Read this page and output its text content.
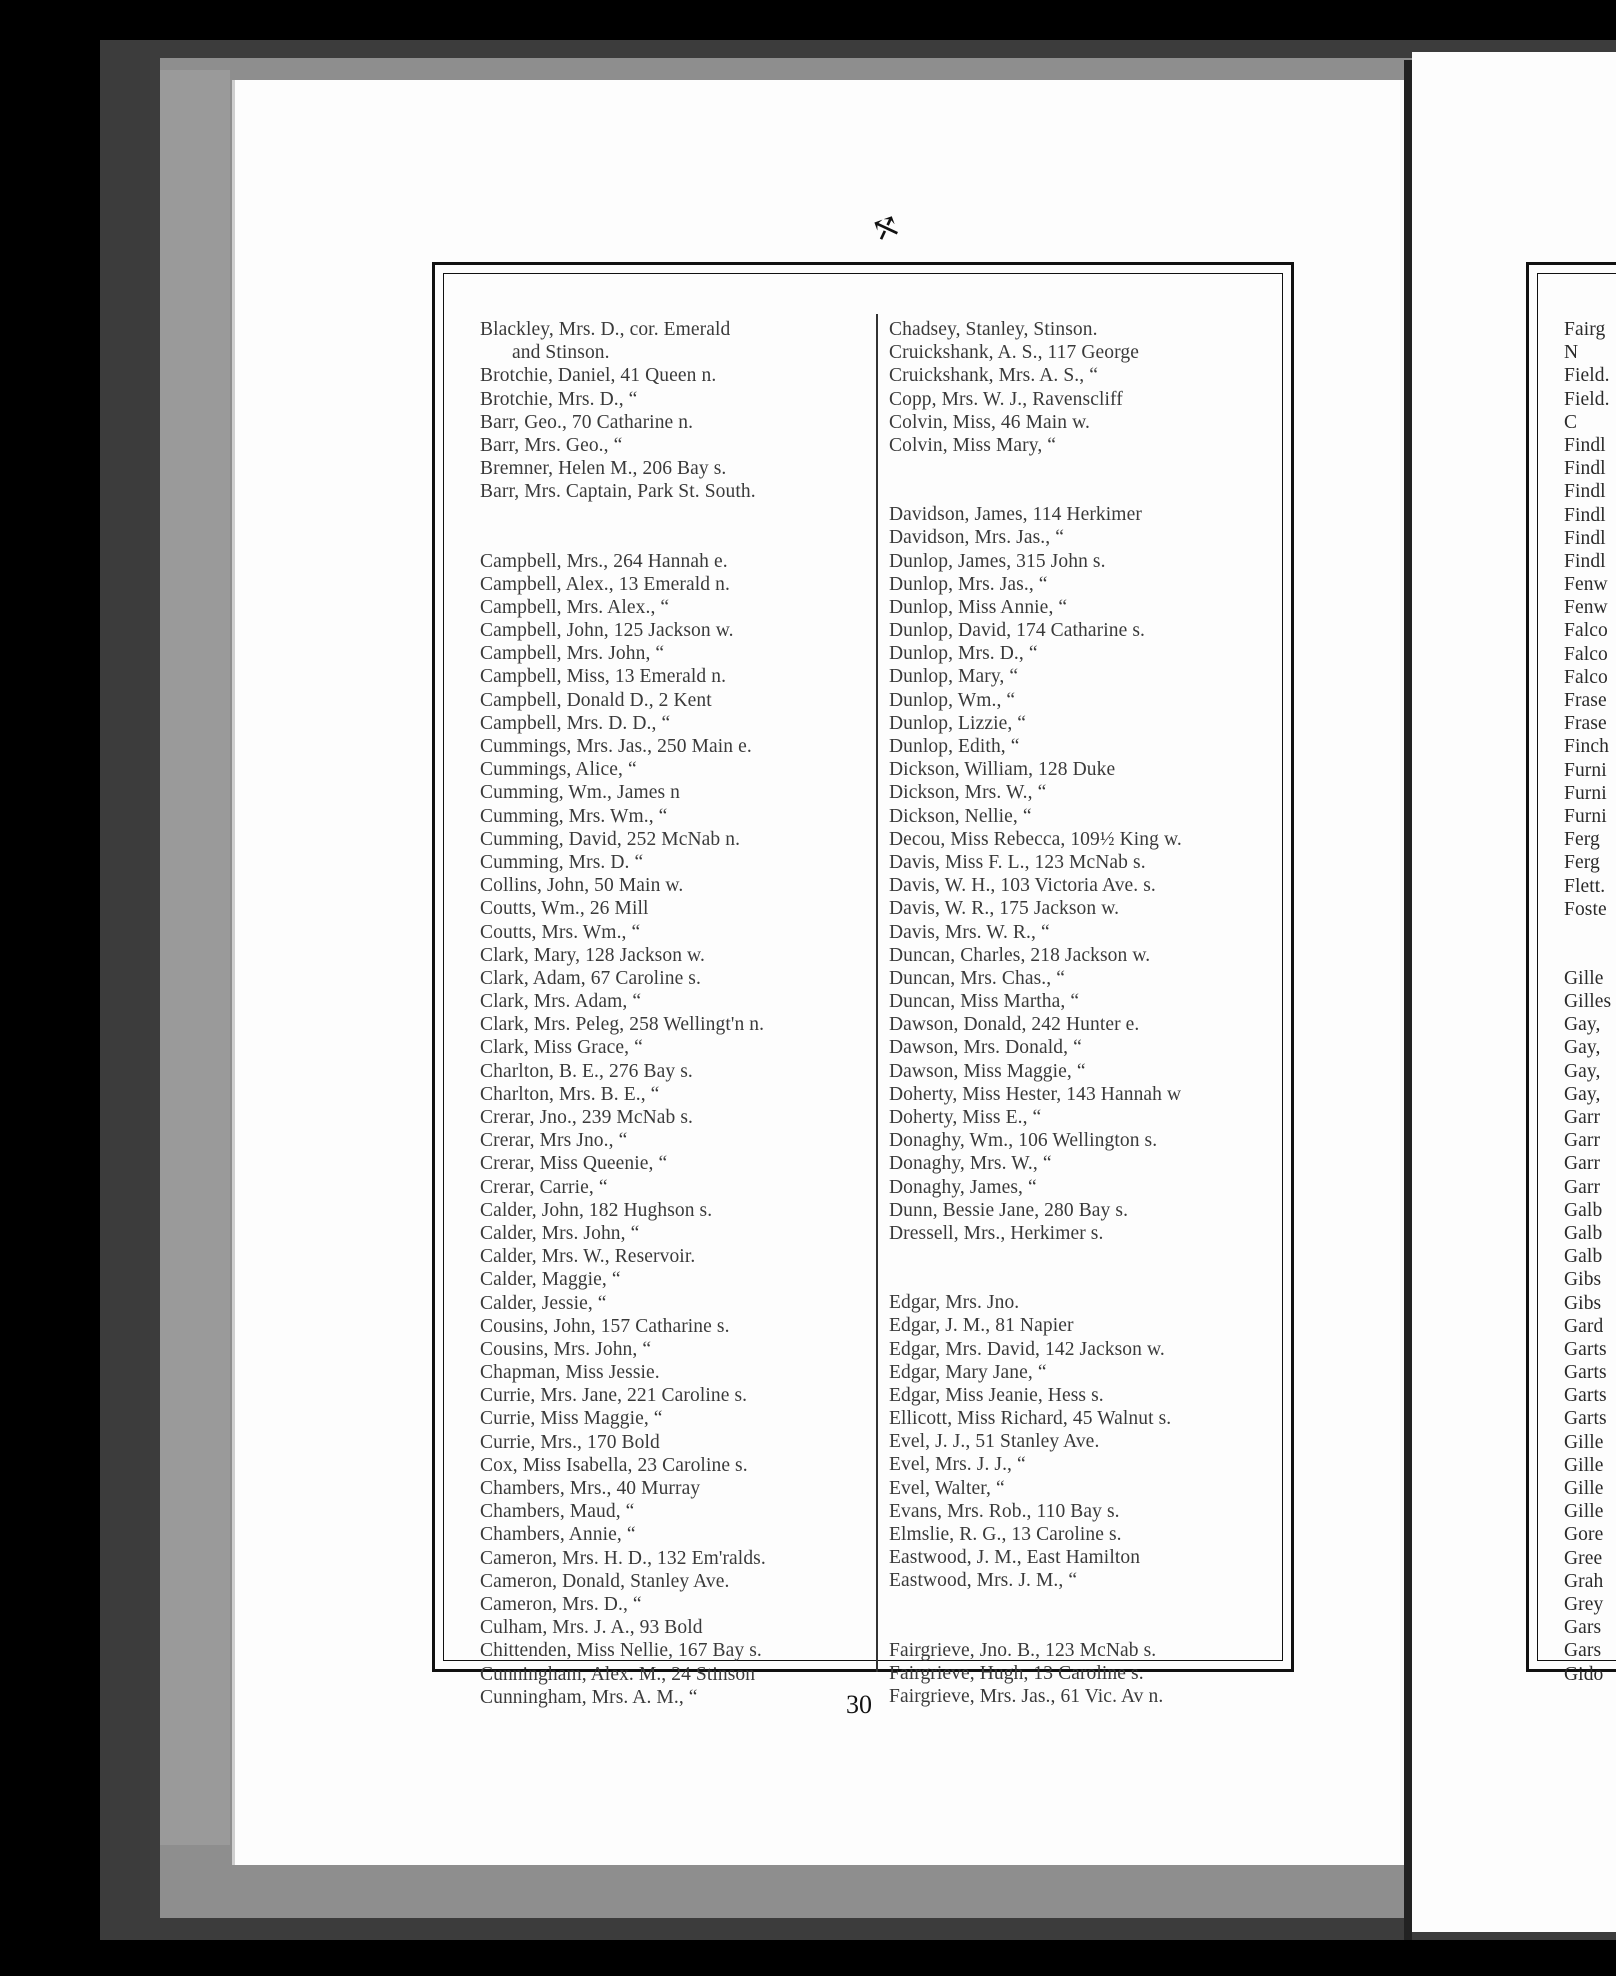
⤲
Blackley, Mrs. D., cor. Emerald
and Stinson.
Brotchie, Daniel, 41 Queen n.
Brotchie, Mrs. D., “
Barr, Geo., 70 Catharine n.
Barr, Mrs. Geo., “
Bremner, Helen M., 206 Bay s.
Barr, Mrs. Captain, Park St. South.
Campbell, Mrs., 264 Hannah e.
Campbell, Alex., 13 Emerald n.
Campbell, Mrs. Alex., “
Campbell, John, 125 Jackson w.
Campbell, Mrs. John, “
Campbell, Miss, 13 Emerald n.
Campbell, Donald D., 2 Kent
Campbell, Mrs. D. D., “
Cummings, Mrs. Jas., 250 Main e.
Cummings, Alice, “
Cumming, Wm., James n
Cumming, Mrs. Wm., “
Cumming, David, 252 McNab n.
Cumming, Mrs. D. “
Collins, John, 50 Main w.
Coutts, Wm., 26 Mill
Coutts, Mrs. Wm., “
Clark, Mary, 128 Jackson w.
Clark, Adam, 67 Caroline s.
Clark, Mrs. Adam, “
Clark, Mrs. Peleg, 258 Wellingt'n n.
Clark, Miss Grace, “
Charlton, B. E., 276 Bay s.
Charlton, Mrs. B. E., “
Crerar, Jno., 239 McNab s.
Crerar, Mrs Jno., “
Crerar, Miss Queenie, “
Crerar, Carrie, “
Calder, John, 182 Hughson s.
Calder, Mrs. John, “
Calder, Mrs. W., Reservoir.
Calder, Maggie, “
Calder, Jessie, “
Cousins, John, 157 Catharine s.
Cousins, Mrs. John, “
Chapman, Miss Jessie.
Currie, Mrs. Jane, 221 Caroline s.
Currie, Miss Maggie, “
Currie, Mrs., 170 Bold
Cox, Miss Isabella, 23 Caroline s.
Chambers, Mrs., 40 Murray
Chambers, Maud, “
Chambers, Annie, “
Cameron, Mrs. H. D., 132 Em'ralds.
Cameron, Donald, Stanley Ave.
Cameron, Mrs. D., “
Culham, Mrs. J. A., 93 Bold
Chittenden, Miss Nellie, 167 Bay s.
Cunningham, Alex. M., 24 Stinson
Cunningham, Mrs. A. M., “
Chadsey, Stanley, Stinson.
Cruickshank, A. S., 117 George
Cruickshank, Mrs. A. S., “
Copp, Mrs. W. J., Ravenscliff
Colvin, Miss, 46 Main w.
Colvin, Miss Mary, “
Davidson, James, 114 Herkimer
Davidson, Mrs. Jas., “
Dunlop, James, 315 John s.
Dunlop, Mrs. Jas., “
Dunlop, Miss Annie, “
Dunlop, David, 174 Catharine s.
Dunlop, Mrs. D., “
Dunlop, Mary, “
Dunlop, Wm., “
Dunlop, Lizzie, “
Dunlop, Edith, “
Dickson, William, 128 Duke
Dickson, Mrs. W., “
Dickson, Nellie, “
Decou, Miss Rebecca, 109½ King w.
Davis, Miss F. L., 123 McNab s.
Davis, W. H., 103 Victoria Ave. s.
Davis, W. R., 175 Jackson w.
Davis, Mrs. W. R., “
Duncan, Charles, 218 Jackson w.
Duncan, Mrs. Chas., “
Duncan, Miss Martha, “
Dawson, Donald, 242 Hunter e.
Dawson, Mrs. Donald, “
Dawson, Miss Maggie, “
Doherty, Miss Hester, 143 Hannah w
Doherty, Miss E., “
Donaghy, Wm., 106 Wellington s.
Donaghy, Mrs. W., “
Donaghy, James, “
Dunn, Bessie Jane, 280 Bay s.
Dressell, Mrs., Herkimer s.
Edgar, Mrs. Jno.
Edgar, J. M., 81 Napier
Edgar, Mrs. David, 142 Jackson w.
Edgar, Mary Jane, “
Edgar, Miss Jeanie, Hess s.
Ellicott, Miss Richard, 45 Walnut s.
Evel, J. J., 51 Stanley Ave.
Evel, Mrs. J. J., “
Evel, Walter, “
Evans, Mrs. Rob., 110 Bay s.
Elmslie, R. G., 13 Caroline s.
Eastwood, J. M., East Hamilton
Eastwood, Mrs. J. M., “
Fairgrieve, Jno. B., 123 McNab s.
Fairgrieve, Hugh, 13 Caroline s.
Fairgrieve, Mrs. Jas., 61 Vic. Av n.
30
Fairg
N
Field.
Field.
C
Findl
Findl
Findl
Findl
Findl
Findl
Fenw
Fenw
Falco
Falco
Falco
Frase
Frase
Finch
Furni
Furni
Furni
Ferg
Ferg
Flett.
Foste
Gille
Gilles
Gay,
Gay,
Gay,
Gay,
Garr
Garr
Garr
Garr
Galb
Galb
Galb
Gibs
Gibs
Gard
Garts
Garts
Garts
Garts
Gille
Gille
Gille
Gille
Gore
Gree
Grah
Grey
Gars
Gars
Gido
